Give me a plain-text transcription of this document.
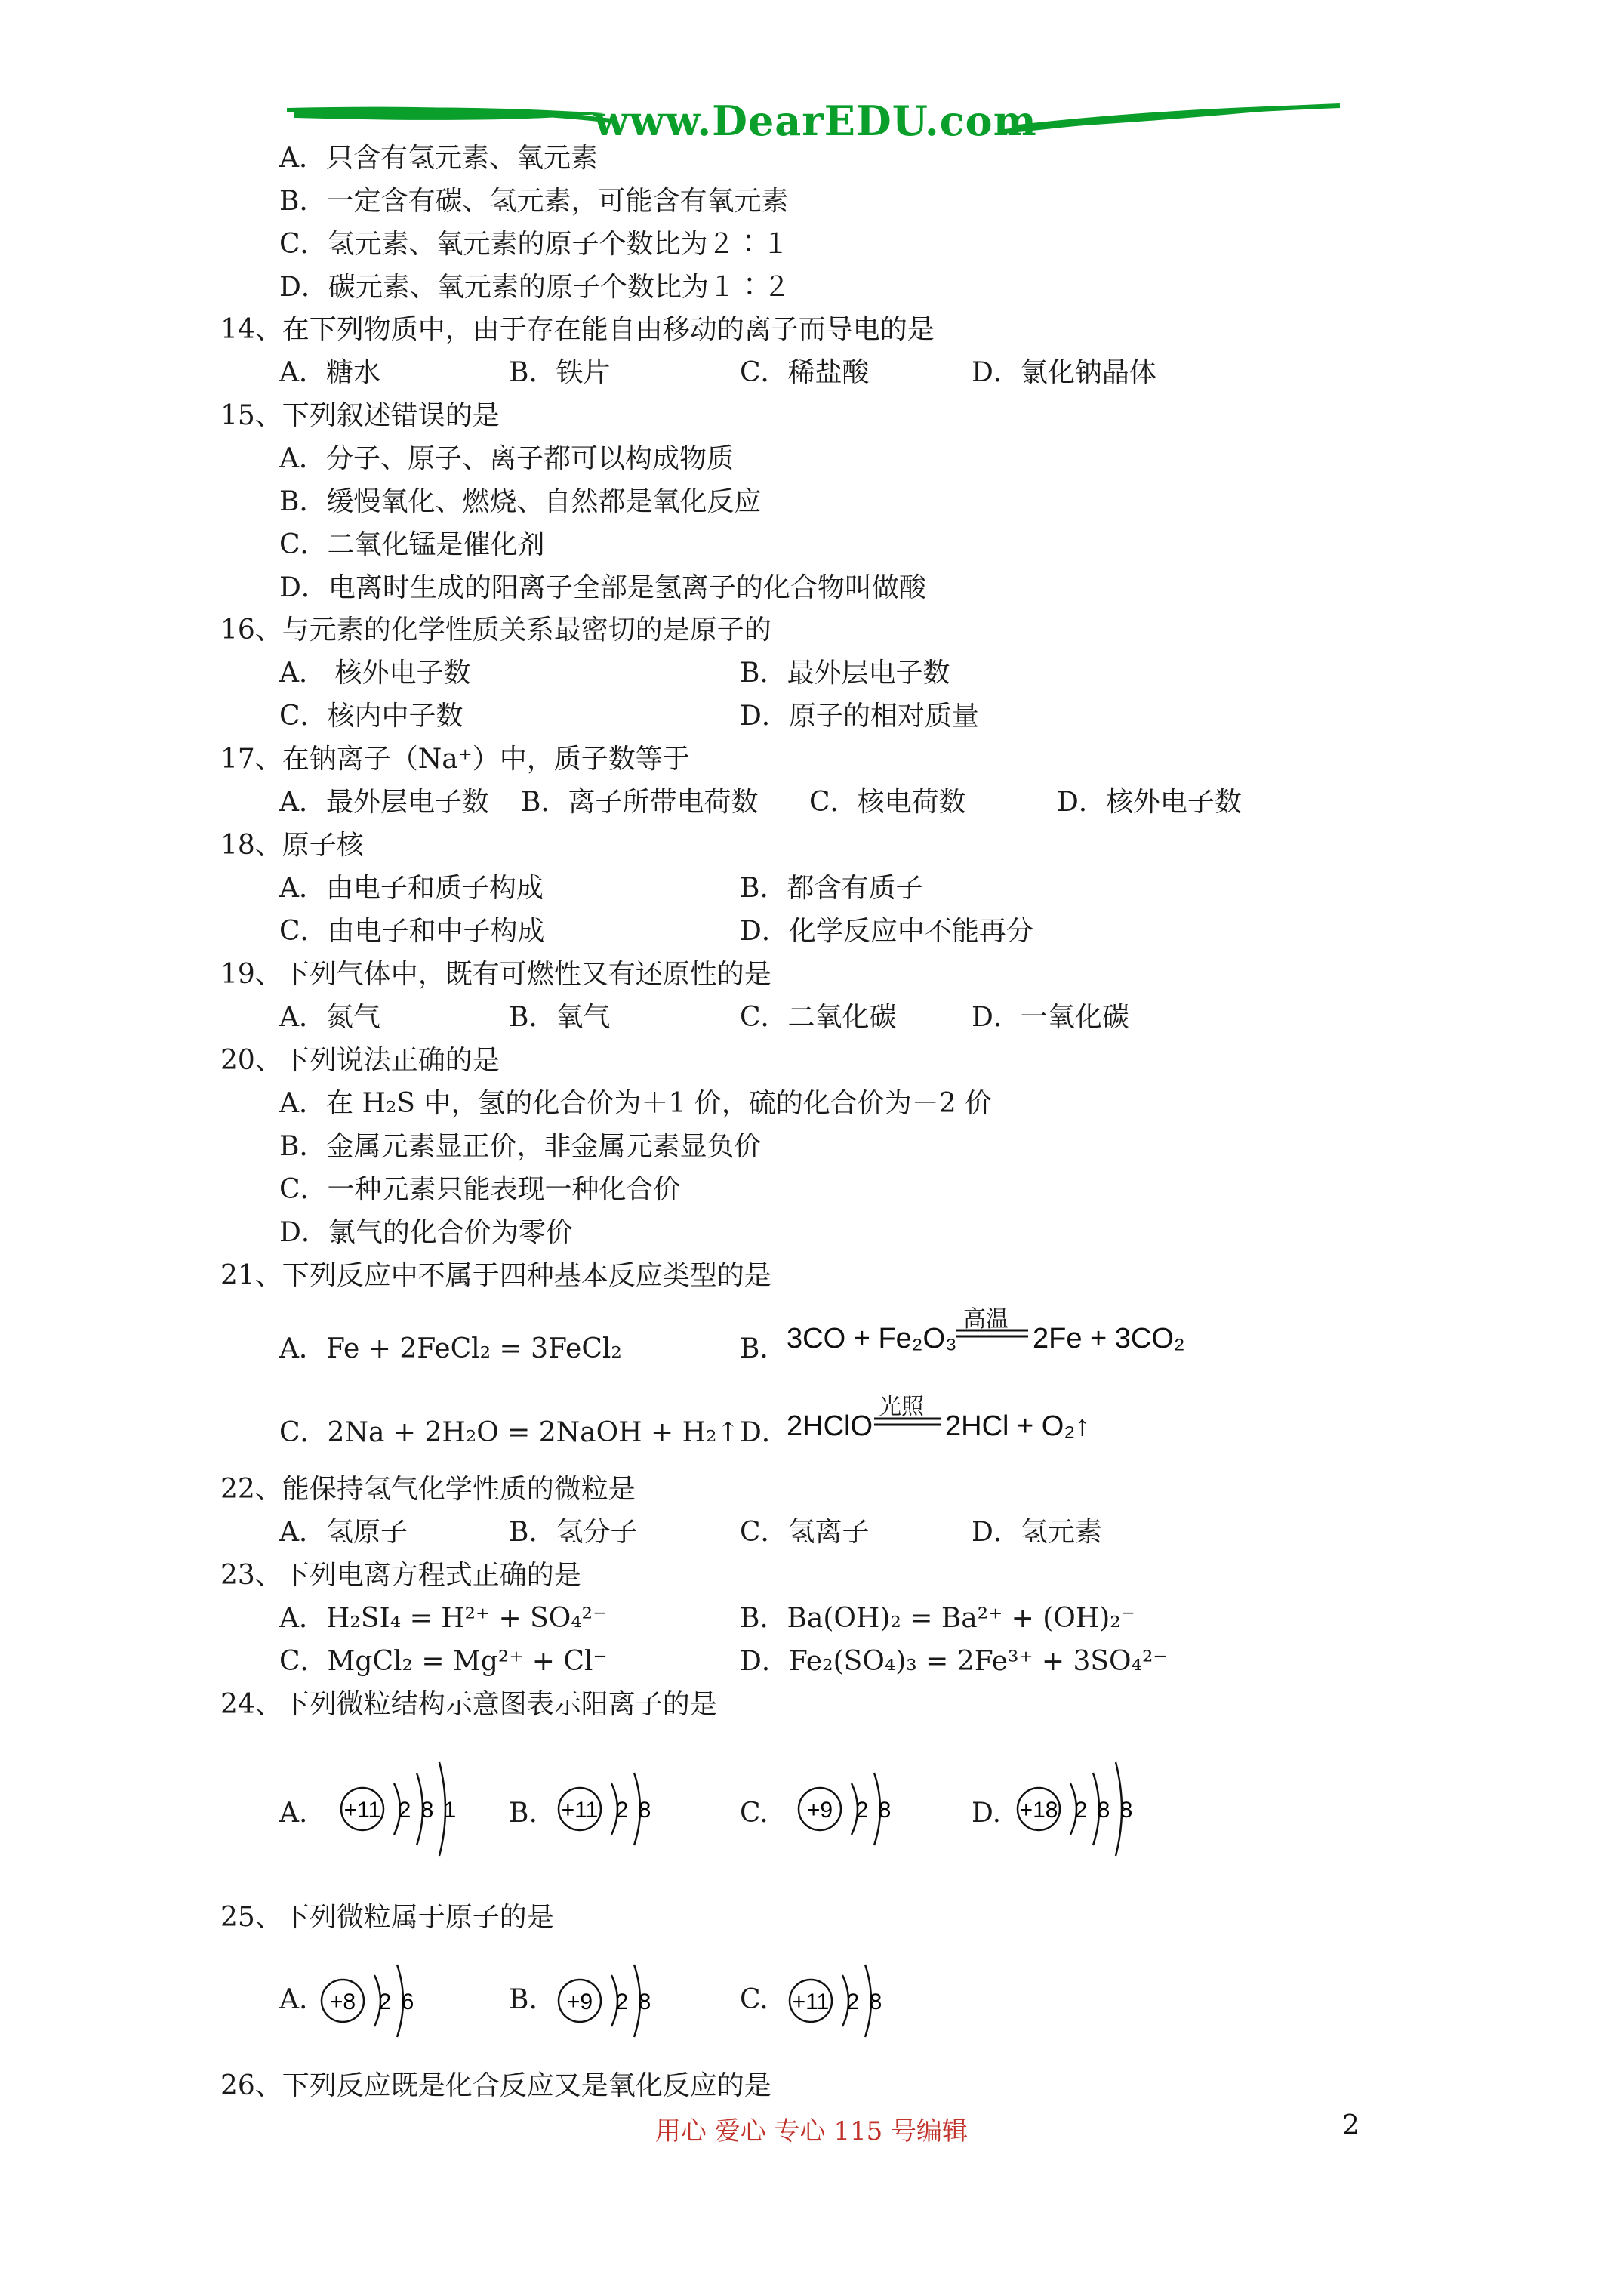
www.DearEDU.com
A．只含有氢元素、氧元素
B．一定含有碳、氢元素，可能含有氧元素
C．氢元素、氧元素的原子个数比为２∶１
D．碳元素、氧元素的原子个数比为１∶２
14、在下列物质中，由于存在能自由移动的离子而导电的是
A．糖水	B．铁片	C．稀盐酸	D．氯化钠晶体
15、下列叙述错误的是
A．分子、原子、离子都可以构成物质
B．缓慢氧化、燃烧、自然都是氧化反应
C．二氧化锰是催化剂
D．电离时生成的阳离子全部是氢离子的化合物叫做酸
16、与元素的化学性质关系最密切的是原子的
A． 核外电子数	B．最外层电子数
C．核内中子数	D．原子的相对质量
17、在钠离子（Na⁺）中，质子数等于
A．最外层电子数 B．离子所带电荷数 C．核电荷数	D．核外电子数
18、原子核
A．由电子和质子构成	B．都含有质子
C．由电子和中子构成	D．化学反应中不能再分
19、下列气体中，既有可燃性又有还原性的是
A．氮气	B．氧气	C．二氧化碳	D．一氧化碳
20、下列说法正确的是
A．在 H₂S 中，氢的化合价为＋1 价，硫的化合价为－2 价
B．金属元素显正价，非金属元素显负价
C．一种元素只能表现一种化合价
D．氯气的化合价为零价
21、下列反应中不属于四种基本反应类型的是
A．Fe + 2FeCl₂ = 3FeCl₂	B． 3CO + Fe₂O₃
高温
2Fe + 3CO₂
C．2Na + 2H₂O = 2NaOH + H₂↑ D．
2HClO
光照
2HCl + O₂↑
22、能保持氢气化学性质的微粒是
A．氢原子	B．氢分子	C．氢离子	D．氢元素
23、下列电离方程式正确的是
A．H₂SI₄ = H²⁺ + SO₄²⁻	B．Ba(OH)₂ = Ba²⁺ + (OH)₂⁻
C．MgCl₂ = Mg²⁺ + Cl⁻	D．Fe₂(SO₄)₃ = 2Fe³⁺ + 3SO₄²⁻
24、下列微粒结构示意图表示阳离子的是
A.	B.	C.	D.
+11 2 8 1	+11 2 8	+9 2 8	+18 2 8 8
25、下列微粒属于原子的是
A.	B.	C.
+8 2 6	+9 2 8	+11 2 8
26、下列反应既是化合反应又是氧化反应的是
用心 爱心 专心 115 号编辑	2
